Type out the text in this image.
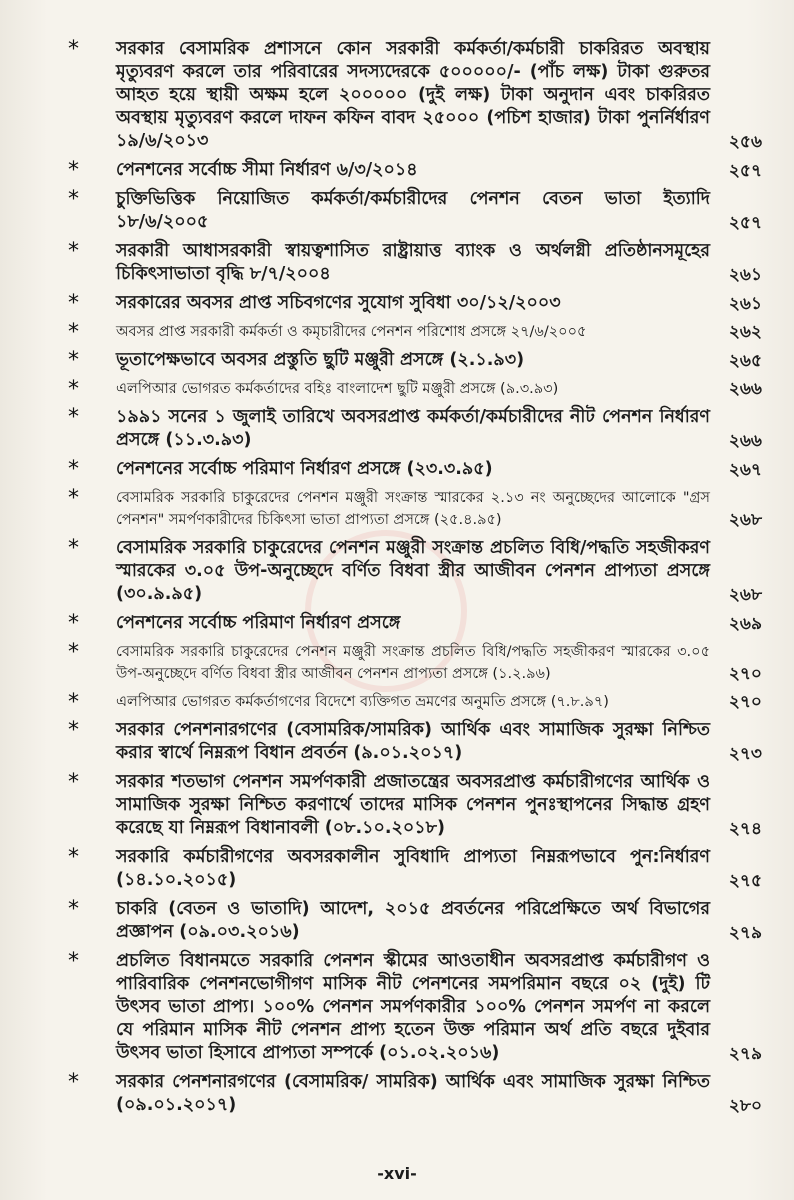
* সরকার বেসামরিক প্রশাসনে কোন সরকারী কর্মকর্তা/কর্মচারী চাকরিরত অবস্থায় মৃত্যুবরণ করলে তার পরিবারের সদস্যদেরকে ৫০০০০০/- (পাঁচ লক্ষ) টাকা গুরুতর আহত হয়ে স্থায়ী অক্ষম হলে ২০০০০০ (দুই লক্ষ) টাকা অনুদান এবং চাকরিরত অবস্থায় মৃত্যুবরণ করলে দাফন কফিন বাবদ ২৫০০০ (পচিশ হাজার) টাকা পুনর্নির্ধারণ ১৯/৬/২০১৩	২৫৬
* পেনশনের সর্বোচ্চ সীমা নির্ধারণ ৬/৩/২০১৪	২৫৭
* চুক্তিভিত্তিক নিয়োজিত কর্মকর্তা/কর্মচারীদের পেনশন বেতন ভাতা ইত্যাদি ১৮/৬/২০০৫	২৫৭
* সরকারী আধাসরকারী স্বায়ত্বশাসিত রাষ্ট্রায়াত্ত ব্যাংক ও অর্থলগ্নী প্রতিষ্ঠানসমূহের চিকিৎসাভাতা বৃদ্ধি ৮/৭/২০০৪	২৬১
* সরকারের অবসর প্রাপ্ত সচিবগণের সুযোগ সুবিধা ৩০/১২/২০০৩	২৬১
*	অবসর প্রাপ্ত সরকারী কর্মকর্তা ও কমৃচারীদের পেনশন পরিশোধ প্রসঙ্গে ২৭/৬/২০০৫	২৬২
* ভূতাপেক্ষভাবে অবসর প্রস্তুতি ছুটি মঞ্জুরী প্রসঙ্গে (২.১.৯৩)	২৬৫
*	এলপিআর ভোগরত কর্মকর্তাদের বহিঃ বাংলাদেশ ছুটি মঞ্জুরী প্রসঙ্গে (৯.৩.৯৩)	২৬৬
* ১৯৯১ সনের ১ জুলাই তারিখে অবসরপ্রাপ্ত কর্মকর্তা/কর্মচারীদের নীট পেনশন নির্ধারণ প্রসঙ্গে (১১.৩.৯৩)	২৬৬
* পেনশনের সর্বোচ্চ পরিমাণ নির্ধারণ প্রসঙ্গে (২৩.৩.৯৫)	২৬৭
*	বেসামরিক সরকারি চাকুরেদের পেনশন মঞ্জুরী সংক্রান্ত স্মারকের ২.১৩ নং অনুচ্ছেদের আলোকে "গ্রস পেনশন" সমর্পণকারীদের চিকিৎসা ভাতা প্রাপ্যতা প্রসঙ্গে (২৫.৪.৯৫)	২৬৮
* বেসামরিক সরকারি চাকুরেদের পেনশন মঞ্জুরী সংক্রান্ত প্রচলিত বিধি/পদ্ধতি সহজীকরণ স্মারকের ৩.০৫ উপ-অনুচ্ছেদে বর্ণিত বিধবা স্ত্রীর আজীবন পেনশন প্রাপ্যতা প্রসঙ্গে (৩০.৯.৯৫)	২৬৮
* পেনশনের সর্বোচ্চ পরিমাণ নির্ধারণ প্রসঙ্গে	২৬৯
*	বেসামরিক সরকারি চাকুরেদের পেনশন মঞ্জুরী সংক্রান্ত প্রচলিত বিধি/পদ্ধতি সহজীকরণ স্মারকের ৩.০৫ উপ-অনুচ্ছেদে বর্ণিত বিধবা স্ত্রীর আজীবন পেনশন প্রাপ্যতা প্রসঙ্গে (১.২.৯৬)	২৭০
*	এলপিআর ভোগরত কর্মকর্তাগণের বিদেশে ব্যক্তিগত ভ্রমণের অনুমতি প্রসঙ্গে (৭.৮.৯৭)	২৭০
* সরকার পেনশনারগণের (বেসামরিক/সামরিক) আর্থিক এবং সামাজিক সুরক্ষা নিশ্চিত করার স্বার্থে নিম্নরূপ বিধান প্রবর্তন (৯.০১.২০১৭)	২৭৩
* সরকার শতভাগ পেনশন সমর্পণকারী প্রজাতন্ত্রের অবসরপ্রাপ্ত কর্মচারীগণের আর্থিক ও সামাজিক সুরক্ষা নিশ্চিত করণার্থে তাদের মাসিক পেনশন পুনঃস্থাপনের সিদ্ধান্ত গ্রহণ করেছে যা নিম্নরূপ বিধানাবলী (০৮.১০.২০১৮)	২৭৪
* সরকারি কর্মচারীগণের অবসরকালীন সুবিধাদি প্রাপ্যতা নিম্নরূপভাবে পুন:নির্ধারণ (১৪.১০.২০১৫)	২৭৫
* চাকরি (বেতন ও ভাতাদি) আদেশ, ২০১৫ প্রবর্তনের পরিপ্রেক্ষিতে অর্থ বিভাগের প্রজ্ঞাপন (০৯.০৩.২০১৬)	২৭৯
* প্রচলিত বিধানমতে সরকারি পেনশন স্কীমের আওতাধীন অবসরপ্রাপ্ত কর্মচারীগণ ও পারিবারিক পেনশনভোগীগণ মাসিক নীট পেনশনের সমপরিমান বছরে ০২ (দুই) টি উৎসব ভাতা প্রাপ্য। ১০০% পেনশন সমর্পণকারীর ১০০% পেনশন সমর্পণ না করলে যে পরিমান মাসিক নীট পেনশন প্রাপ্য হতেন উক্ত পরিমান অর্থ প্রতি বছরে দুইবার উৎসব ভাতা হিসাবে প্রাপ্যতা সম্পর্কে (০১.০২.২০১৬)	২৭৯
* সরকার পেনশনারগণের (বেসামরিক/ সামরিক) আর্থিক এবং সামাজিক সুরক্ষা নিশ্চিত (০৯.০১.২০১৭)	২৮০
-xvi-
